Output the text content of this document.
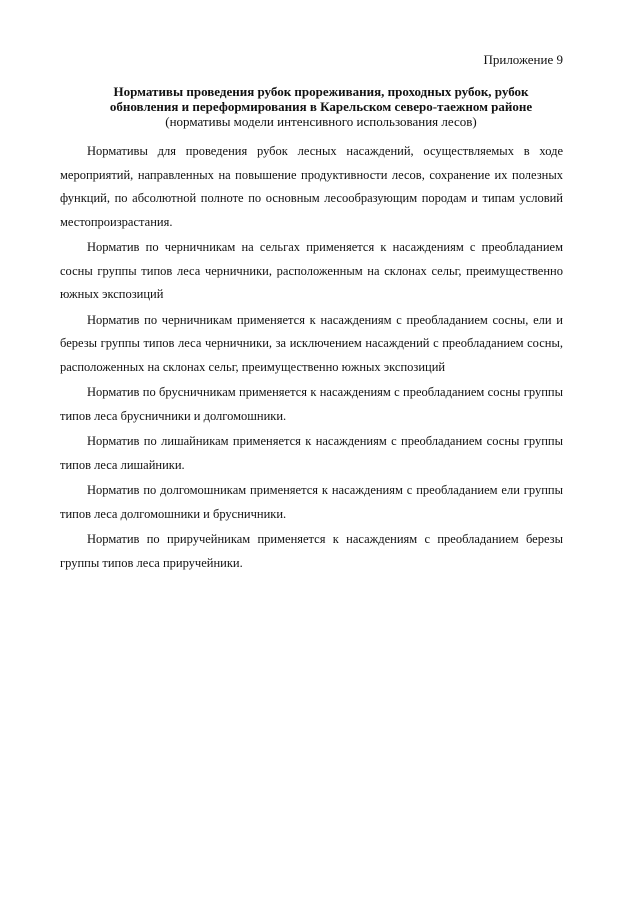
Приложение 9
Нормативы проведения рубок прореживания, проходных рубок, рубок
обновления и переформирования в Карельском северо-таежном районе
(нормативы модели интенсивного использования лесов)

Нормативы для проведения рубок лесных насаждений, осуществляемых в ходе мероприятий, направленных на повышение продуктивности лесов, сохранение их полезных функций, по абсолютной полноте по основным лесообразующим породам и типам условий местопроизрастания.

Норматив по черничникам на сельгах применяется к насаждениям с преобладанием сосны группы типов леса черничники, расположенным на склонах сельг, преимущественно южных экспозиций

Норматив по черничникам применяется к насаждениям с преобладанием сосны, ели и березы группы типов леса черничники, за исключением насаждений с преобладанием сосны, расположенных на склонах сельг, преимущественно южных экспозиций

Норматив по брусничникам применяется к насаждениям с преобладанием сосны группы типов леса брусничники и долгомошники.

Норматив по лишайникам применяется к насаждениям с преобладанием сосны группы типов леса лишайники.

Норматив по долгомошникам применяется к насаждениям с преобладанием ели группы типов леса долгомошники и брусничники.

Норматив по приручейникам применяется к насаждениям с преобладанием березы группы типов леса приручейники.
